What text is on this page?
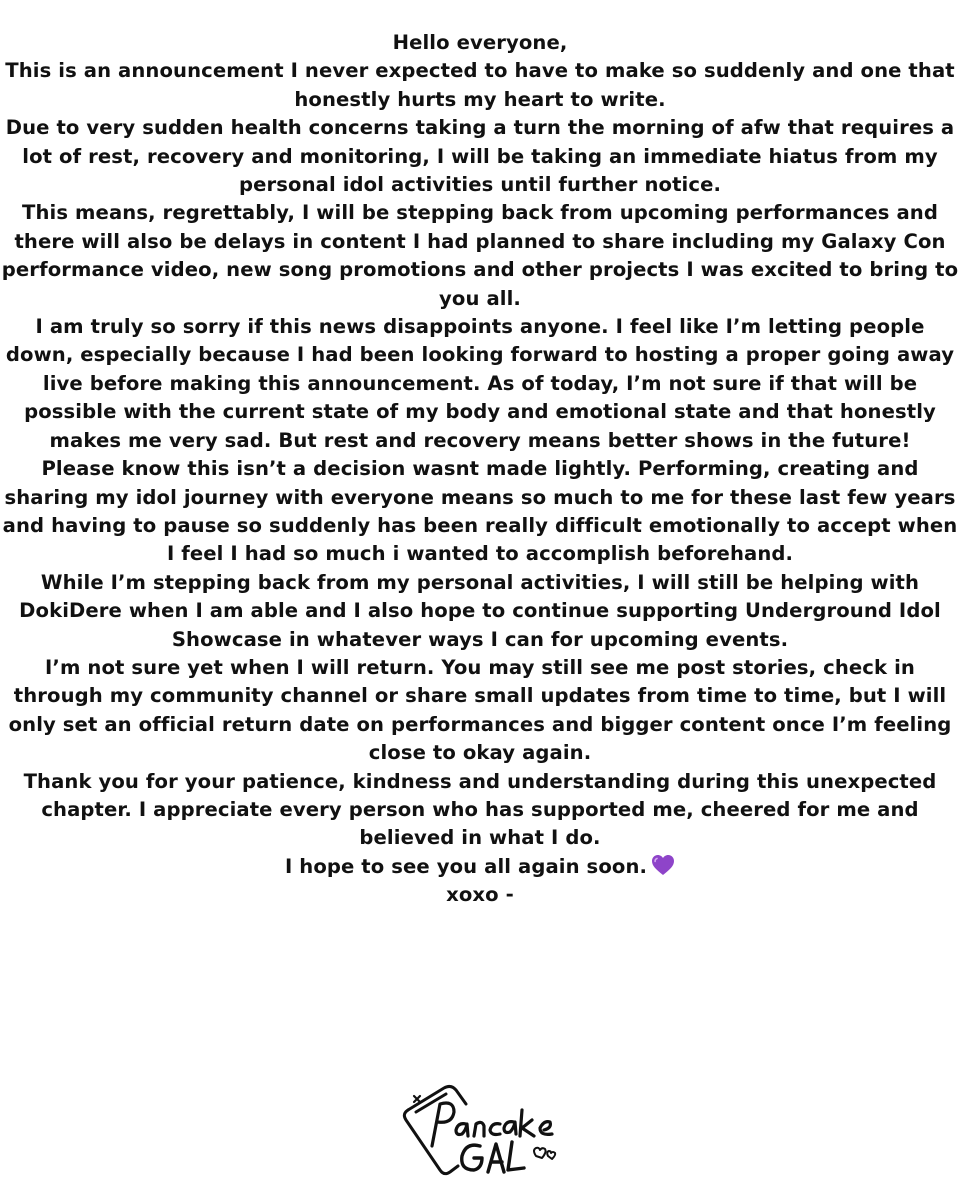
Hello everyone,

This is an announcement I never expected to have to make so suddenly and one that honestly hurts my heart to write.

Due to very sudden health concerns taking a turn the morning of afw that requires a lot of rest, recovery and monitoring, I will be taking an immediate hiatus from my personal idol activities until further notice.

This means, regrettably, I will be stepping back from upcoming performances and there will also be delays in content I had planned to share including my Galaxy Con performance video, new song promotions and other projects I was excited to bring to you all.

I am truly so sorry if this news disappoints anyone. I feel like I’m letting people down, especially because I had been looking forward to hosting a proper going away live before making this announcement. As of today, I’m not sure if that will be possible with the current state of my body and emotional state and that honestly makes me very sad. But rest and recovery means better shows in the future!

Please know this isn’t a decision wasnt made lightly. Performing, creating and sharing my idol journey with everyone means so much to me for these last few years and having to pause so suddenly has been really difficult emotionally to accept when I feel I had so much i wanted to accomplish beforehand.

While I’m stepping back from my personal activities, I will still be helping with DokiDere when I am able and I also hope to continue supporting Underground Idol Showcase in whatever ways I can for upcoming events.

I’m not sure yet when I will return. You may still see me post stories, check in through my community channel or share small updates from time to time, but I will only set an official return date on performances and bigger content once I’m feeling close to okay again.

Thank you for your patience, kindness and understanding during this unexpected chapter. I appreciate every person who has supported me, cheered for me and believed in what I do.

I hope to see you all again soon.

xoxo -
